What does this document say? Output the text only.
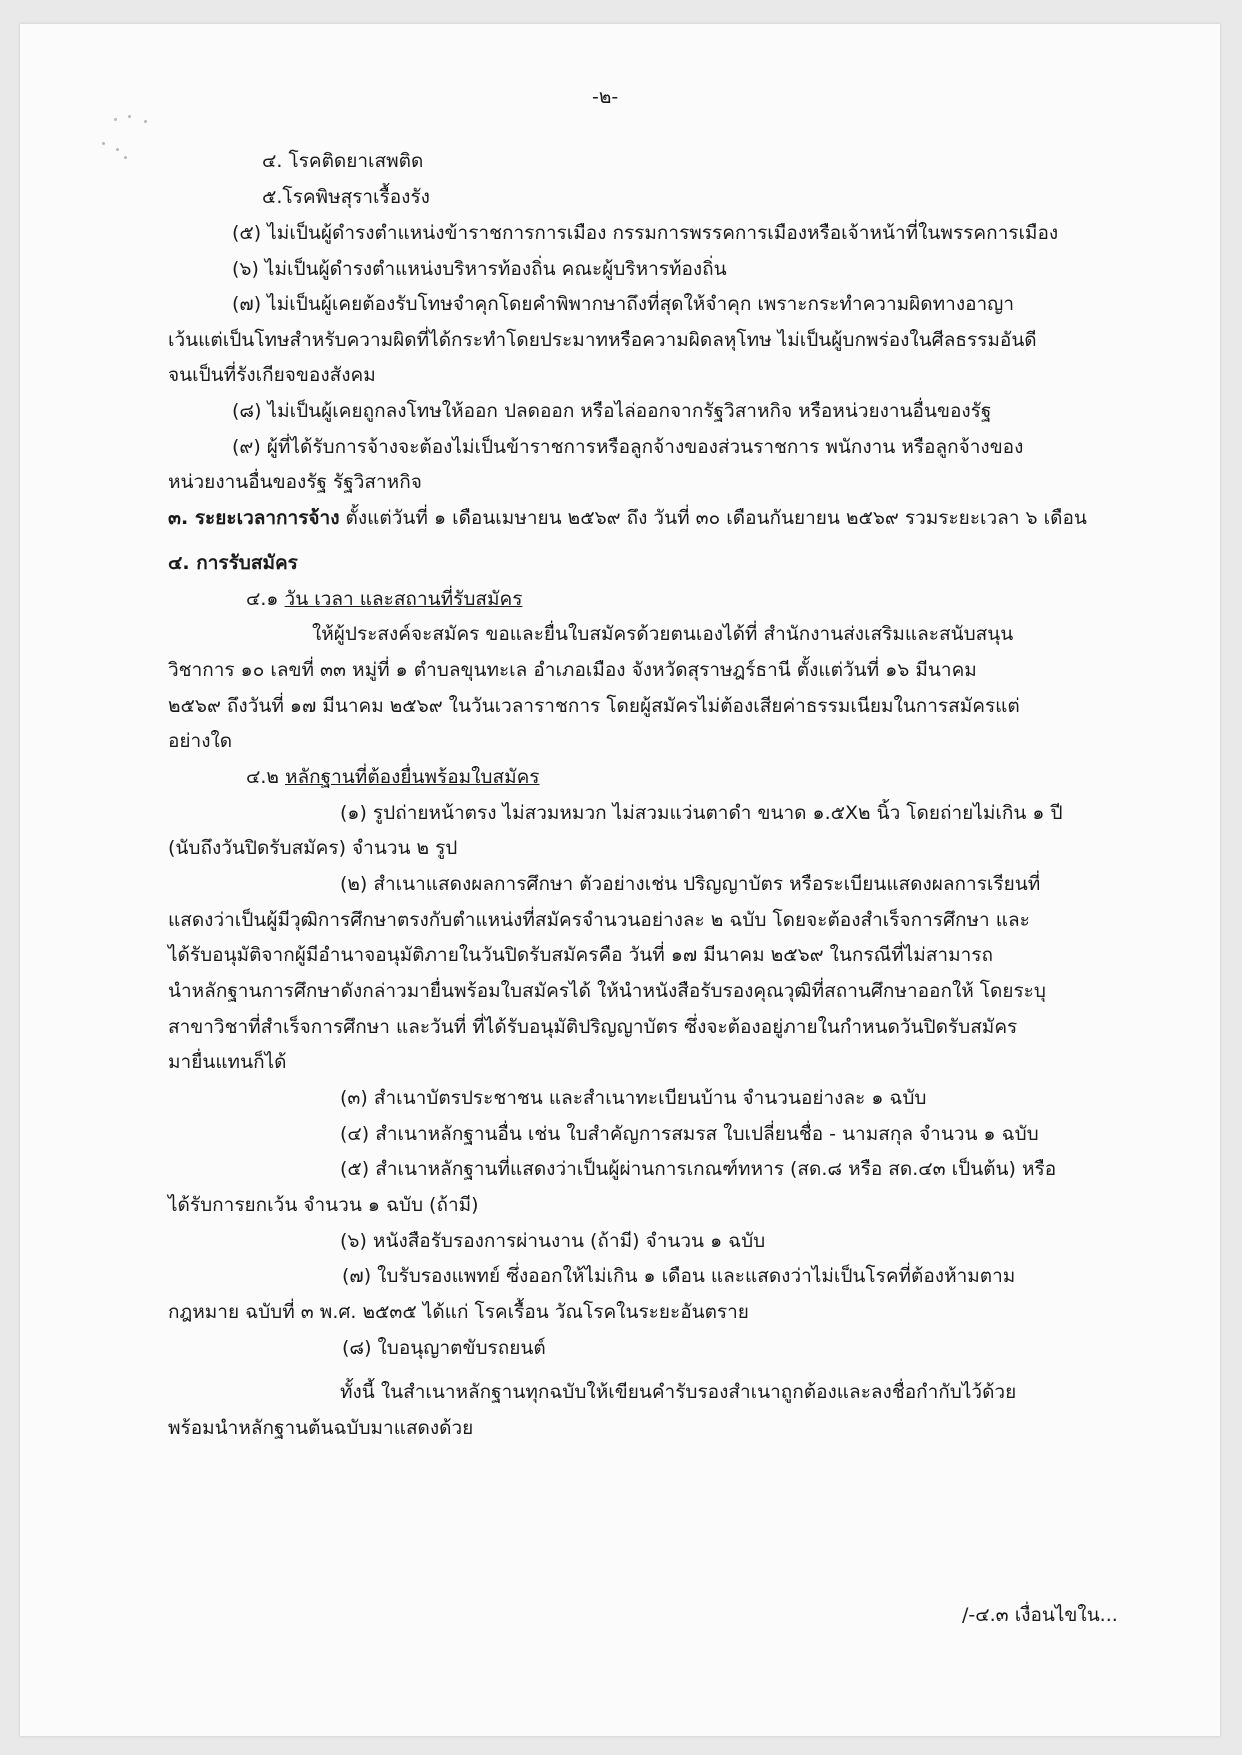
-๒-
๔. โรคติดยาเสพติด
๕.โรคพิษสุราเรื้องรัง
(๕) ไม่เป็นผู้ดำรงตำแหน่งข้าราชการการเมือง กรรมการพรรคการเมืองหรือเจ้าหน้าที่ในพรรคการเมือง
(๖) ไม่เป็นผู้ดำรงตำแหน่งบริหารท้องถิ่น คณะผู้บริหารท้องถิ่น
(๗) ไม่เป็นผู้เคยต้องรับโทษจำคุกโดยคำพิพากษาถึงที่สุดให้จำคุก เพราะกระทำความผิดทางอาญา
เว้นแต่เป็นโทษสำหรับความผิดที่ได้กระทำโดยประมาทหรือความผิดลหุโทษ ไม่เป็นผู้บกพร่องในศีลธรรมอันดี
จนเป็นที่รังเกียจของสังคม
(๘) ไม่เป็นผู้เคยถูกลงโทษให้ออก ปลดออก หรือไล่ออกจากรัฐวิสาหกิจ หรือหน่วยงานอื่นของรัฐ
(๙) ผู้ที่ได้รับการจ้างจะต้องไม่เป็นข้าราชการหรือลูกจ้างของส่วนราชการ พนักงาน หรือลูกจ้างของ
หน่วยงานอื่นของรัฐ รัฐวิสาหกิจ
๓. ระยะเวลาการจ้าง ตั้งแต่วันที่ ๑ เดือนเมษายน ๒๕๖๙ ถึง วันที่ ๓๐ เดือนกันยายน ๒๕๖๙ รวมระยะเวลา ๖ เดือน
๔. การรับสมัคร
๔.๑ วัน เวลา และสถานที่รับสมัคร
ให้ผู้ประสงค์จะสมัคร ขอและยื่นใบสมัครด้วยตนเองได้ที่ สำนักงานส่งเสริมและสนับสนุน
วิชาการ ๑๐ เลขที่ ๓๓ หมู่ที่ ๑ ตำบลขุนทะเล อำเภอเมือง จังหวัดสุราษฎร์ธานี ตั้งแต่วันที่ ๑๖ มีนาคม
๒๕๖๙ ถึงวันที่ ๑๗ มีนาคม ๒๕๖๙ ในวันเวลาราชการ โดยผู้สมัครไม่ต้องเสียค่าธรรมเนียมในการสมัครแต่
อย่างใด
๔.๒ หลักฐานที่ต้องยื่นพร้อมใบสมัคร
(๑) รูปถ่ายหน้าตรง ไม่สวมหมวก ไม่สวมแว่นตาดำ ขนาด ๑.๕X๒ นิ้ว โดยถ่ายไม่เกิน ๑ ปี
(นับถึงวันปิดรับสมัคร) จำนวน ๒ รูป
(๒) สำเนาแสดงผลการศึกษา ตัวอย่างเช่น ปริญญาบัตร หรือระเบียนแสดงผลการเรียนที่
แสดงว่าเป็นผู้มีวุฒิการศึกษาตรงกับตำแหน่งที่สมัครจำนวนอย่างละ ๒ ฉบับ โดยจะต้องสำเร็จการศึกษา และ
ได้รับอนุมัติจากผู้มีอำนาจอนุมัติภายในวันปิดรับสมัครคือ วันที่ ๑๗ มีนาคม ๒๕๖๙ ในกรณีที่ไม่สามารถ
นำหลักฐานการศึกษาดังกล่าวมายื่นพร้อมใบสมัครได้ ให้นำหนังสือรับรองคุณวุฒิที่สถานศึกษาออกให้ โดยระบุ
สาขาวิชาที่สำเร็จการศึกษา และวันที่ ที่ได้รับอนุมัติปริญญาบัตร ซึ่งจะต้องอยู่ภายในกำหนดวันปิดรับสมัคร
มายื่นแทนก็ได้
(๓) สำเนาบัตรประชาชน และสำเนาทะเบียนบ้าน จำนวนอย่างละ ๑ ฉบับ
(๔) สำเนาหลักฐานอื่น เช่น ใบสำคัญการสมรส ใบเปลี่ยนชื่อ - นามสกุล จำนวน ๑ ฉบับ
(๕) สำเนาหลักฐานที่แสดงว่าเป็นผู้ผ่านการเกณฑ์ทหาร (สด.๘ หรือ สด.๔๓ เป็นต้น) หรือ
ได้รับการยกเว้น จำนวน ๑ ฉบับ (ถ้ามี)
(๖) หนังสือรับรองการผ่านงาน (ถ้ามี) จำนวน ๑ ฉบับ
(๗) ใบรับรองแพทย์ ซึ่งออกให้ไม่เกิน ๑ เดือน และแสดงว่าไม่เป็นโรคที่ต้องห้ามตาม
กฎหมาย ฉบับที่ ๓ พ.ศ. ๒๕๓๕ ได้แก่ โรคเรื้อน วัณโรคในระยะอันตราย
(๘) ใบอนุญาตขับรถยนต์
ทั้งนี้ ในสำเนาหลักฐานทุกฉบับให้เขียนคำรับรองสำเนาถูกต้องและลงชื่อกำกับไว้ด้วย
พร้อมนำหลักฐานต้นฉบับมาแสดงด้วย
/-๔.๓ เงื่อนไขใน...
